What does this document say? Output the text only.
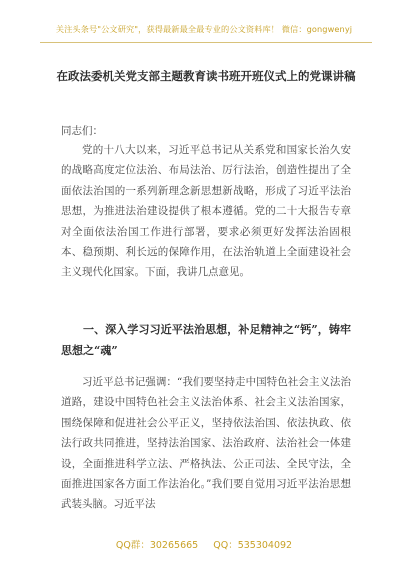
关注头条号"公文研究"，获得最新最全最专业的公文资料库！ 微信：gongwenyj
在政法委机关党支部主题教育读书班开班仪式上的党课讲稿
同志们：
党的十八大以来，习近平总书记从关系党和国家长治久安的战略高度定位法治、布局法治、厉行法治，创造性提出了全面依法治国的一系列新理念新思想新战略，形成了习近平法治思想，为推进法治建设提供了根本遵循。党的二十大报告专章对全面依法治国工作进行部署，要求必须更好发挥法治固根本、稳预期、利长远的保障作用，在法治轨道上全面建设社会主义现代化国家。下面，我讲几点意见。
一、深入学习习近平法治思想，补足精神之“钙”，铸牢思想之“魂”
习近平总书记强调：“我们要坚持走中国特色社会主义法治道路，建设中国特色社会主义法治体系、社会主义法治国家，围绕保障和促进社会公平正义，坚持依法治国、依法执政、依法行政共同推进，坚持法治国家、法治政府、法治社会一体建设，全面推进科学立法、严格执法、公正司法、全民守法，全面推进国家各方面工作法治化。”我们要自觉用习近平法治思想武装头脑。习近平法
QQ群：30265665 QQ：535304092
